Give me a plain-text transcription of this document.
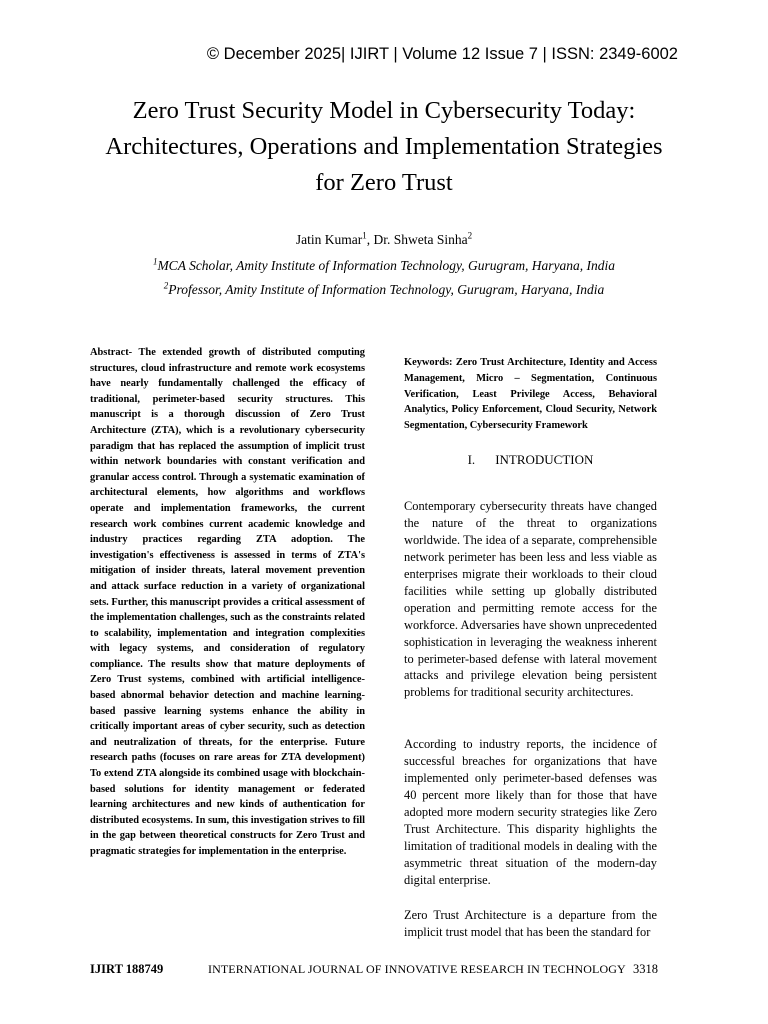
© December 2025| IJIRT | Volume 12 Issue 7 | ISSN: 2349-6002
Zero Trust Security Model in Cybersecurity Today:
Architectures, Operations and Implementation Strategies
for Zero Trust
Jatin Kumar$^1$, Dr. Shweta Sinha$^2$
$^1$MCA Scholar, Amity Institute of Information Technology, Gurugram, Haryana, India
$^2$Professor, Amity Institute of Information Technology, Gurugram, Haryana, India

Abstract- The extended growth of distributed computing structures, cloud infrastructure and remote work ecosystems have nearly fundamentally challenged the efficacy of traditional, perimeter-based security structures. This manuscript is a thorough discussion of Zero Trust Architecture (ZTA), which is a revolutionary cybersecurity paradigm that has replaced the assumption of implicit trust within network boundaries with constant verification and granular access control. Through a systematic examination of architectural elements, how algorithms and workflows operate and implementation frameworks, the current research work combines current academic knowledge and industry practices regarding ZTA adoption. The investigation's effectiveness is assessed in terms of ZTA's mitigation of insider threats, lateral movement prevention and attack surface reduction in a variety of organizational sets. Further, this manuscript provides a critical assessment of the implementation challenges, such as the constraints related to scalability, implementation and integration complexities with legacy systems, and consideration of regulatory compliance. The results show that mature deployments of Zero Trust systems, combined with artificial intelligence-based abnormal behavior detection and machine learning-based passive learning systems enhance the ability in critically important areas of cyber security, such as detection and neutralization of threats, for the enterprise. Future research paths (focuses on rare areas for ZTA development) To extend ZTA alongside its combined usage with blockchain-based solutions for identity management or federated learning architectures and new kinds of authentication for distributed ecosystems. In sum, this investigation strives to fill in the gap between theoretical constructs for Zero Trust and pragmatic strategies for implementation in the enterprise.

Keywords: Zero Trust Architecture, Identity and Access Management, Micro – Segmentation, Continuous Verification, Least Privilege Access, Behavioral Analytics, Policy Enforcement, Cloud Security, Network Segmentation, Cybersecurity Framework

I. INTRODUCTION

Contemporary cybersecurity threats have changed the nature of the threat to organizations worldwide. The idea of a separate, comprehensible network perimeter has been less and less viable as enterprises migrate their workloads to their cloud facilities while setting up globally distributed operation and permitting remote access for the workforce. Adversaries have shown unprecedented sophistication in leveraging the weakness inherent to perimeter-based defense with lateral movement attacks and privilege elevation being persistent problems for traditional security architectures.

According to industry reports, the incidence of successful breaches for organizations that have implemented only perimeter-based defenses was 40 percent more likely than for those that have adopted more modern security strategies like Zero Trust Architecture. This disparity highlights the limitation of traditional models in dealing with the asymmetric threat situation of the modern-day digital enterprise.

Zero Trust Architecture is a departure from the implicit trust model that has been the standard for

IJIRT 188749	INTERNATIONAL JOURNAL OF INNOVATIVE RESEARCH IN TECHNOLOGY 3318
